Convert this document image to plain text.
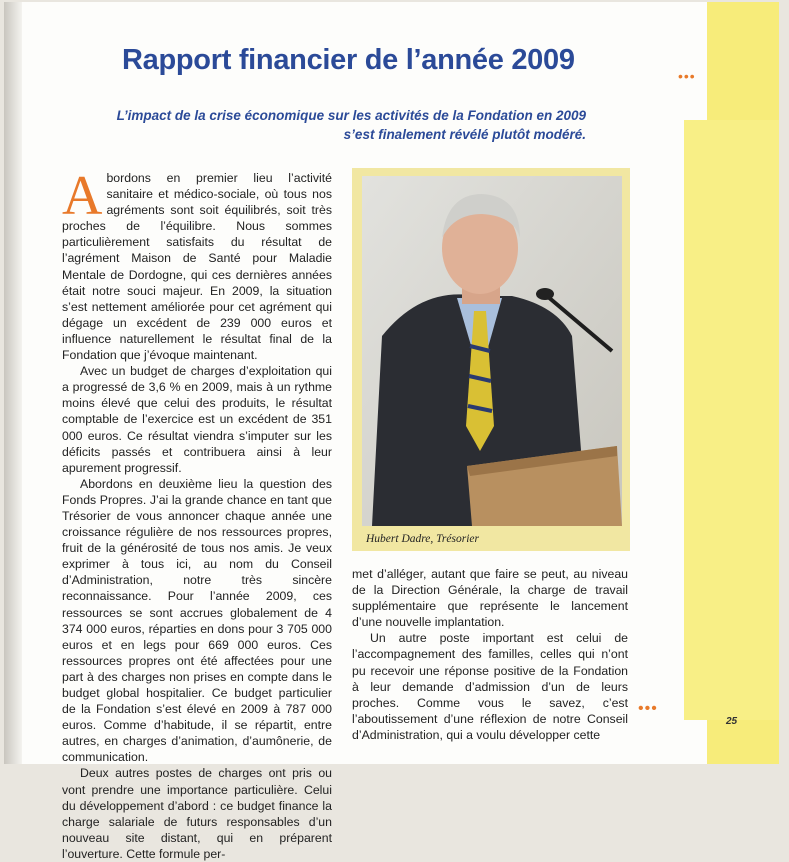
•••
Rapport financier de l’année 2009
L’impact de la crise économique sur les activités de la Fondation en 2009
s’est finalement révélé plutôt modéré.

Abordons en premier lieu l’activité sanitaire et médico-sociale, où tous nos agréments sont soit équilibrés, soit très proches de l’équilibre. Nous sommes particulièrement satisfaits du résultat de l’agrément Maison de Santé pour Maladie Mentale de Dordogne, qui ces dernières années était notre souci majeur. En 2009, la situation s’est nettement améliorée pour cet agrément qui dégage un excédent de 239 000 euros et influence naturellement le résultat final de la Fondation que j’évoque maintenant.

Avec un budget de charges d’exploitation qui a progressé de 3,6 % en 2009, mais à un rythme moins élevé que celui des produits, le résultat comptable de l’exercice est un excédent de 351 000 euros. Ce résultat viendra s’imputer sur les déficits passés et contribuera ainsi à leur apurement progressif.

Abordons en deuxième lieu la question des Fonds Propres. J’ai la grande chance en tant que Trésorier de vous annoncer chaque année une croissance régulière de nos ressources propres, fruit de la générosité de tous nos amis. Je veux exprimer à tous ici, au nom du Conseil d’Administration, notre très sincère reconnaissance. Pour l’année 2009, ces ressources se sont accrues globalement de 4 374 000 euros, réparties en dons pour 3 705 000 euros et en legs pour 669 000 euros. Ces ressources propres ont été affectées pour une part à des charges non prises en compte dans le budget global hospitalier. Ce budget particulier de la Fondation s’est élevé en 2009 à 787 000 euros. Comme d’habitude, il se répartit, entre autres, en charges d’animation, d’aumônerie, de communication.

Deux autres postes de charges ont pris ou vont prendre une importance particulière. Celui du développement d’abord : ce budget finance la charge salariale de futurs responsables d’un nouveau site distant, qui en préparent l’ouverture. Cette formule per-

Hubert Dadre, Trésorier

met d’alléger, autant que faire se peut, au niveau de la Direction Générale, la charge de travail supplémentaire que représente le lancement d’une nouvelle implantation.

Un autre poste important est celui de l’accompagnement des familles, celles qui n’ont pu recevoir une réponse positive de la Fondation à leur demande d’admission d’un de leurs proches. Comme vous le savez, c’est l’aboutissement d’une réflexion de notre Conseil d’Administration, qui a voulu développer cette

•••
25
